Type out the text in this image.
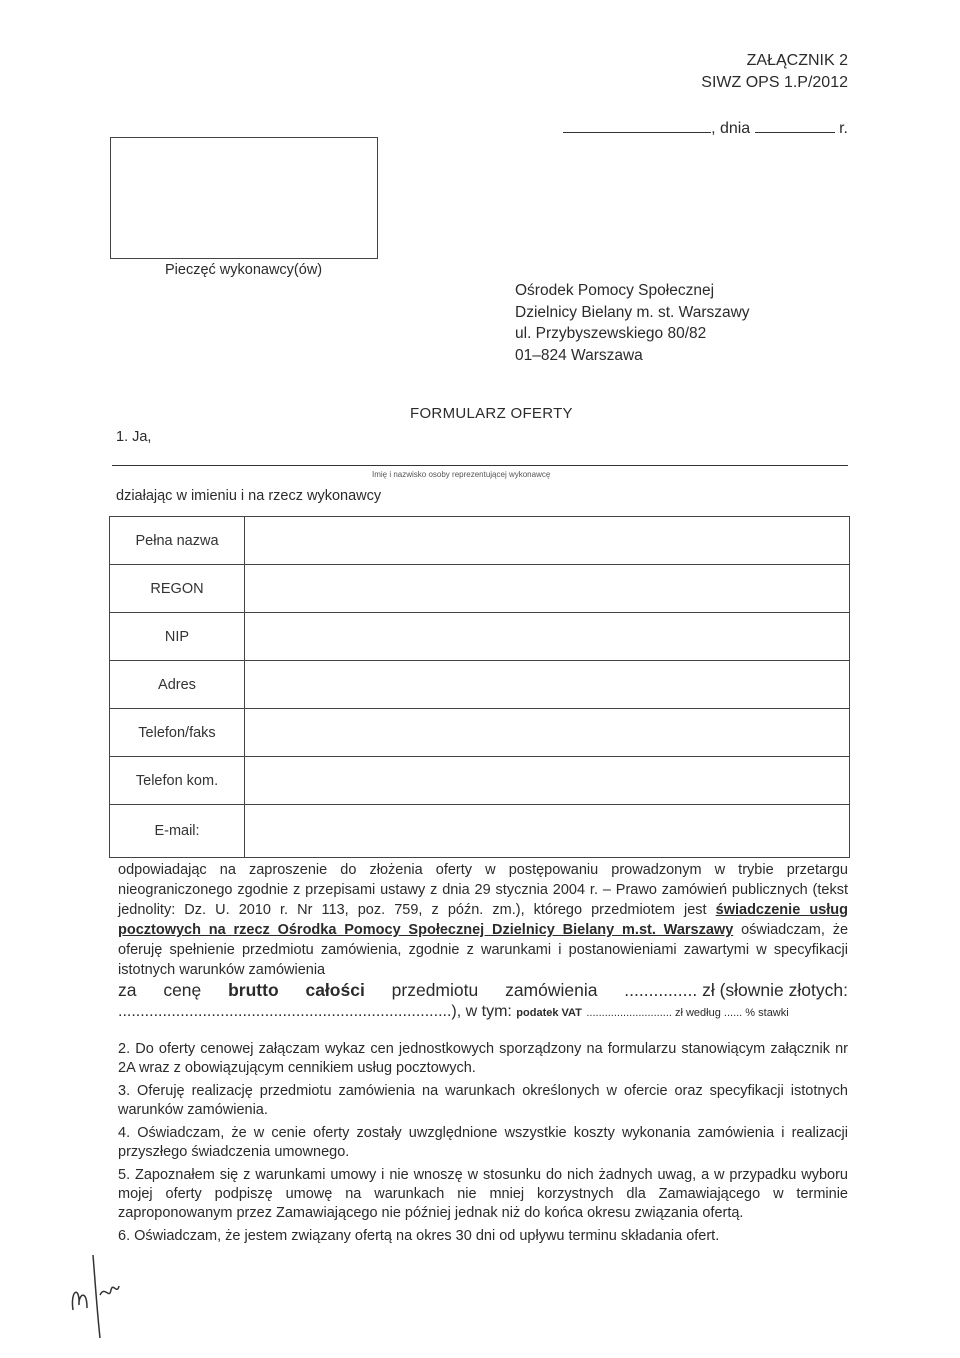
ZAŁĄCZNIK 2
SIWZ OPS 1.P/2012
, dnia	r.
Pieczęć wykonawcy(ów)
Ośrodek Pomocy Społecznej
Dzielnicy Bielany m. st. Warszawy
ul. Przybyszewskiego 80/82
01–824 Warszawa
FORMULARZ OFERTY
1. Ja,
Imię i nazwisko osoby reprezentującej wykonawcę
działając w imieniu i na rzecz wykonawcy
Pełna nazwa	
REGON	
NIP	
Adres	
Telefon/faks	
Telefon kom.	
E-mail:	
odpowiadając na zaproszenie do złożenia oferty w postępowaniu prowadzonym w trybie przetargu nieograniczonego zgodnie z przepisami ustawy z dnia 29 stycznia 2004 r. – Prawo zamówień publicznych (tekst jednolity: Dz. U. 2010 r. Nr 113, poz. 759, z późn. zm.), którego przedmiotem jest świadczenie usług pocztowych na rzecz Ośrodka Pomocy Społecznej Dzielnicy Bielany m.st. Warszawy oświadczam, że oferuję spełnienie przedmiotu zamówienia, zgodnie z warunkami i postanowieniami zawartymi w specyfikacji istotnych warunków zamówienia
za cenę brutto całości przedmiotu zamówienia ............... zł (słownie złotych:
...........................................................................), w tym: podatek VAT ............................ zł według ...... % stawki

2. Do oferty cenowej załączam wykaz cen jednostkowych sporządzony na formularzu stanowiącym załącznik nr 2A wraz z obowiązującym cennikiem usług pocztowych.

3. Oferuję realizację przedmiotu zamówienia na warunkach określonych w ofercie oraz specyfikacji istotnych warunków zamówienia.

4. Oświadczam, że w cenie oferty zostały uwzględnione wszystkie koszty wykonania zamówienia i realizacji przyszłego świadczenia umownego.

5. Zapoznałem się z warunkami umowy i nie wnoszę w stosunku do nich żadnych uwag, a w przypadku wyboru mojej oferty podpiszę umowę na warunkach nie mniej korzystnych dla Zamawiającego w terminie zaproponowanym przez Zamawiającego nie później jednak niż do końca okresu związania ofertą.

6. Oświadczam, że jestem związany ofertą na okres 30 dni od upływu terminu składania ofert.
